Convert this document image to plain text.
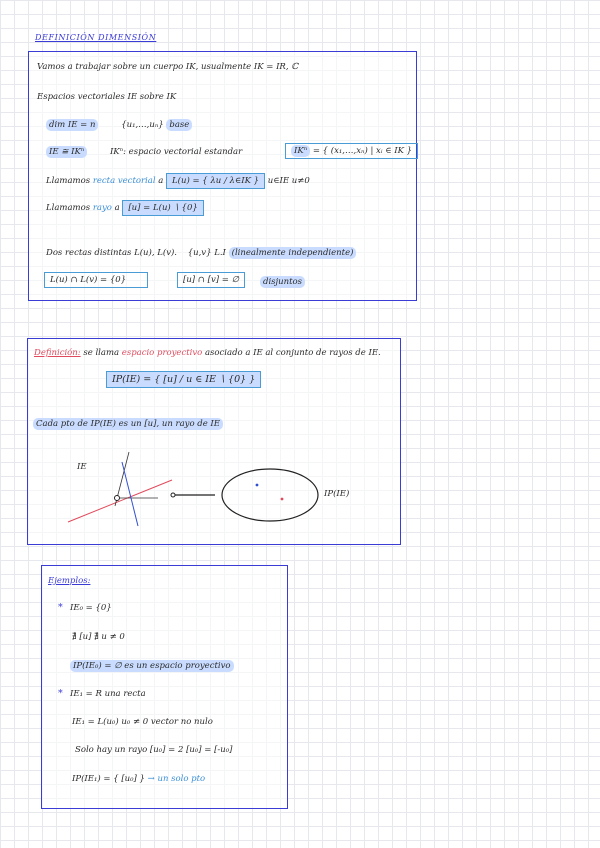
DEFINICIÓN DIMENSIÓN
Vamos a trabajar sobre un cuerpo IK, usualmente IK = IR, ℂ
Espacios vectoriales IE sobre IK
dim IE = n	{u₁,…,uₙ} base
IE ≅ IKⁿ	IKⁿ: espacio vectorial estandar	IKⁿ = { (x₁,…,xₙ) | xᵢ ∈ IK }
Llamamos recta vectorial a L(u) = { λu / λ∈IK } u∈IE u≠0
Llamamos rayo a [u] = L(u) ∖ {0}
Dos rectas distintas L(u), L(v). {u,v} L.I (linealmente independiente)
L(u) ∩ L(v) = {0}	[u] ∩ [v] = ∅	disjuntos
Definición: se llama espacio proyectivo asociado a IE al conjunto de rayos de IE.
IP(IE) = { [u] / u ∈ IE ∖ {0} }
Cada pto de IP(IE) es un [u], un rayo de IE
IE
IP(IE)
Ejemplos:
* IE₀ = {0}
∄ [u] ∄ u ≠ 0
IP(IE₀) = ∅ es un espacio proyectivo
* IE₁ = R una recta
IE₁ = L(u₀) u₀ ≠ 0 vector no nulo
Solo hay un rayo [u₀] = 2 [u₀] = [-u₀]
IP(IE₁) = { [u₀] } → un solo pto
